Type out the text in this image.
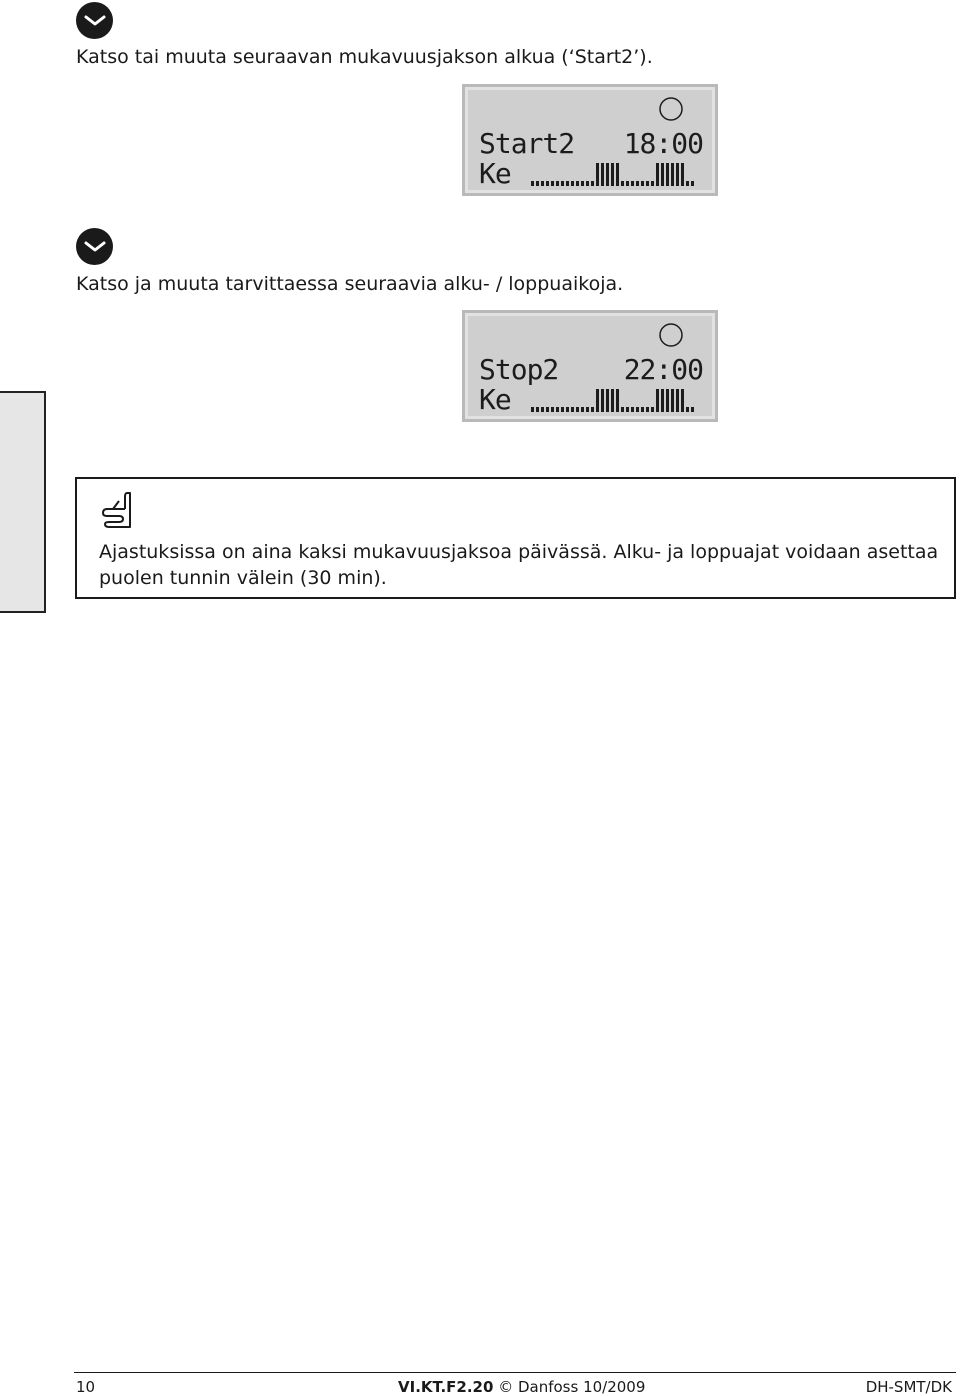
Katso tai muuta seuraavan mukavuusjakson alkua (‘Start2’).
Start2 18:00
Ke
Katso ja muuta tarvittaessa seuraavia alku- / loppuaikoja.
Stop2 22:00
Ke
Ajastuksissa on aina kaksi mukavuusjaksoa päivässä. Alku- ja loppuajat voidaan asettaa puolen tunnin välein (30 min).
10	VI.KT.F2.20 © Danfoss 10/2009	DH-SMT/DK
